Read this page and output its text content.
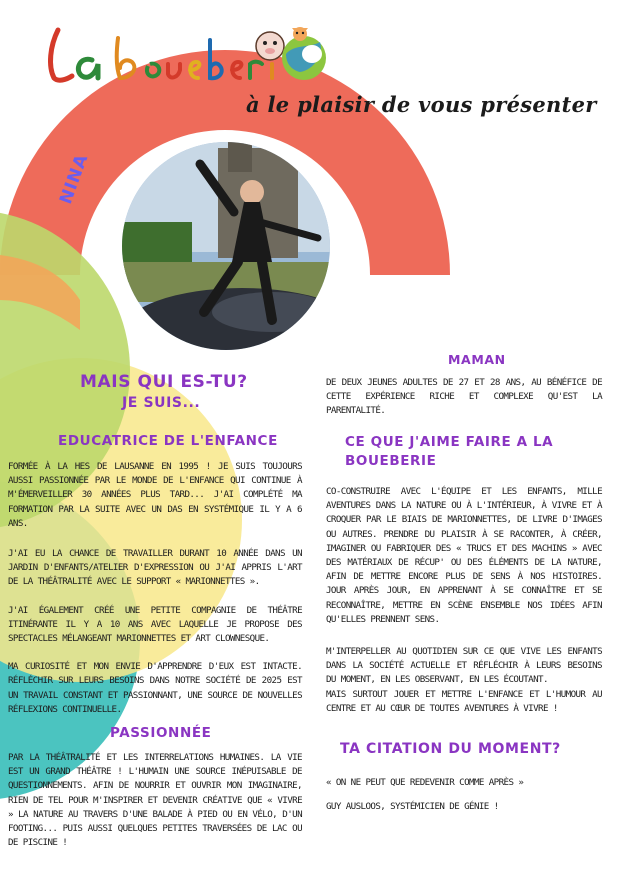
à le plaisir de vous présenter
NINA
MAIS QUI ES-TU?
JE SUIS...
EDUCATRICE DE L'ENFANCE

FORMÉE À LA HES DE LAUSANNE EN 1995 ! JE SUIS TOUJOURS AUSSI PASSIONNÉE PAR LE MONDE DE L'ENFANCE QUI CONTINUE À M'ÉMERVEILLER 30 ANNÉES PLUS TARD... J'AI COMPLÉTÉ MA FORMATION PAR LA SUITE AVEC UN DAS EN SYSTÉMIQUE IL Y A 6 ANS.

J'AI EU LA CHANCE DE TRAVAILLER DURANT 10 ANNÉE DANS UN JARDIN D'ENFANTS/ATELIER D'EXPRESSION OU J'AI APPRIS L'ART DE LA THÉÂTRALITÉ AVEC LE SUPPORT « MARIONNETTES ».

J'AI ÉGALEMENT CRÉÉ UNE PETITE COMPAGNIE DE THÉÂTRE ITINÉRANTE IL Y A 10 ANS AVEC LAQUELLE JE PROPOSE DES SPECTACLES MÉLANGEANT MARIONNETTES ET ART CLOWNESQUE.

MA CURIOSITÉ ET MON ENVIE D'APPRENDRE D'EUX EST INTACTE. RÉFLÉCHIR SUR LEURS BESOINS DANS NOTRE SOCIÉTÉ DE 2025 EST UN TRAVAIL CONSTANT ET PASSIONNANT, UNE SOURCE DE NOUVELLES RÉFLEXIONS CONTINUELLE.

PASSIONNÉE

PAR LA THÉÂTRALITÉ ET LES INTERRELATIONS HUMAINES. LA VIE EST UN GRAND THÉÂTRE ! L'HUMAIN UNE SOURCE INÉPUISABLE DE QUESTIONNEMENTS. AFIN DE NOURRIR ET OUVRIR MON IMAGINAIRE, RIEN DE TEL POUR M'INSPIRER ET DEVENIR CRÉATIVE QUE « VIVRE » LA NATURE AU TRAVERS D'UNE BALADE À PIED OU EN VÉLO, D'UN FOOTING... PUIS AUSSI QUELQUES PETITES TRAVERSÉES DE LAC OU DE PISCINE !

MAMAN
DE DEUX JEUNES ADULTES DE 27 ET 28 ANS, AU BÉNÉFICE DE CETTE EXPÉRIENCE RICHE ET COMPLEXE QU'EST LA PARENTALITÉ.
CE QUE J'AIME FAIRE A LA
BOUEBERIE

CO-CONSTRUIRE AVEC L'ÉQUIPE ET LES ENFANTS, MILLE AVENTURES DANS LA NATURE OU À L'INTÉRIEUR, À VIVRE ET À CROQUER PAR LE BIAIS DE MARIONNETTES, DE LIVRE D'IMAGES OU AUTRES. PRENDRE DU PLAISIR À SE RACONTER, À CRÉER, IMAGINER OU FABRIQUER DES « TRUCS ET DES MACHINS » AVEC DES MATÉRIAUX DE RÉCUP' OU DES ÉLÉMENTS DE LA NATURE, AFIN DE METTRE ENCORE PLUS DE SENS À NOS HISTOIRES. JOUR APRÈS JOUR, EN APPRENANT À SE CONNAÎTRE ET SE RECONNAÎTRE, METTRE EN SCÈNE ENSEMBLE NOS IDÉES AFIN QU'ELLES PRENNENT SENS.

M'INTERPELLER AU QUOTIDIEN SUR CE QUE VIVE LES ENFANTS DANS LA SOCIÉTÉ ACTUELLE ET RÉFLÉCHIR À LEURS BESOINS DU MOMENT, EN LES OBSERVANT, EN LES ÉCOUTANT.

MAIS SURTOUT JOUER ET METTRE L'ENFANCE ET L'HUMOUR AU CENTRE ET AU CŒUR DE TOUTES AVENTURES À VIVRE !

TA CITATION DU MOMENT?
« ON NE PEUT QUE REDEVENIR COMME APRÈS »
GUY AUSLOOS, SYSTÉMICIEN DE GÉNIE !
